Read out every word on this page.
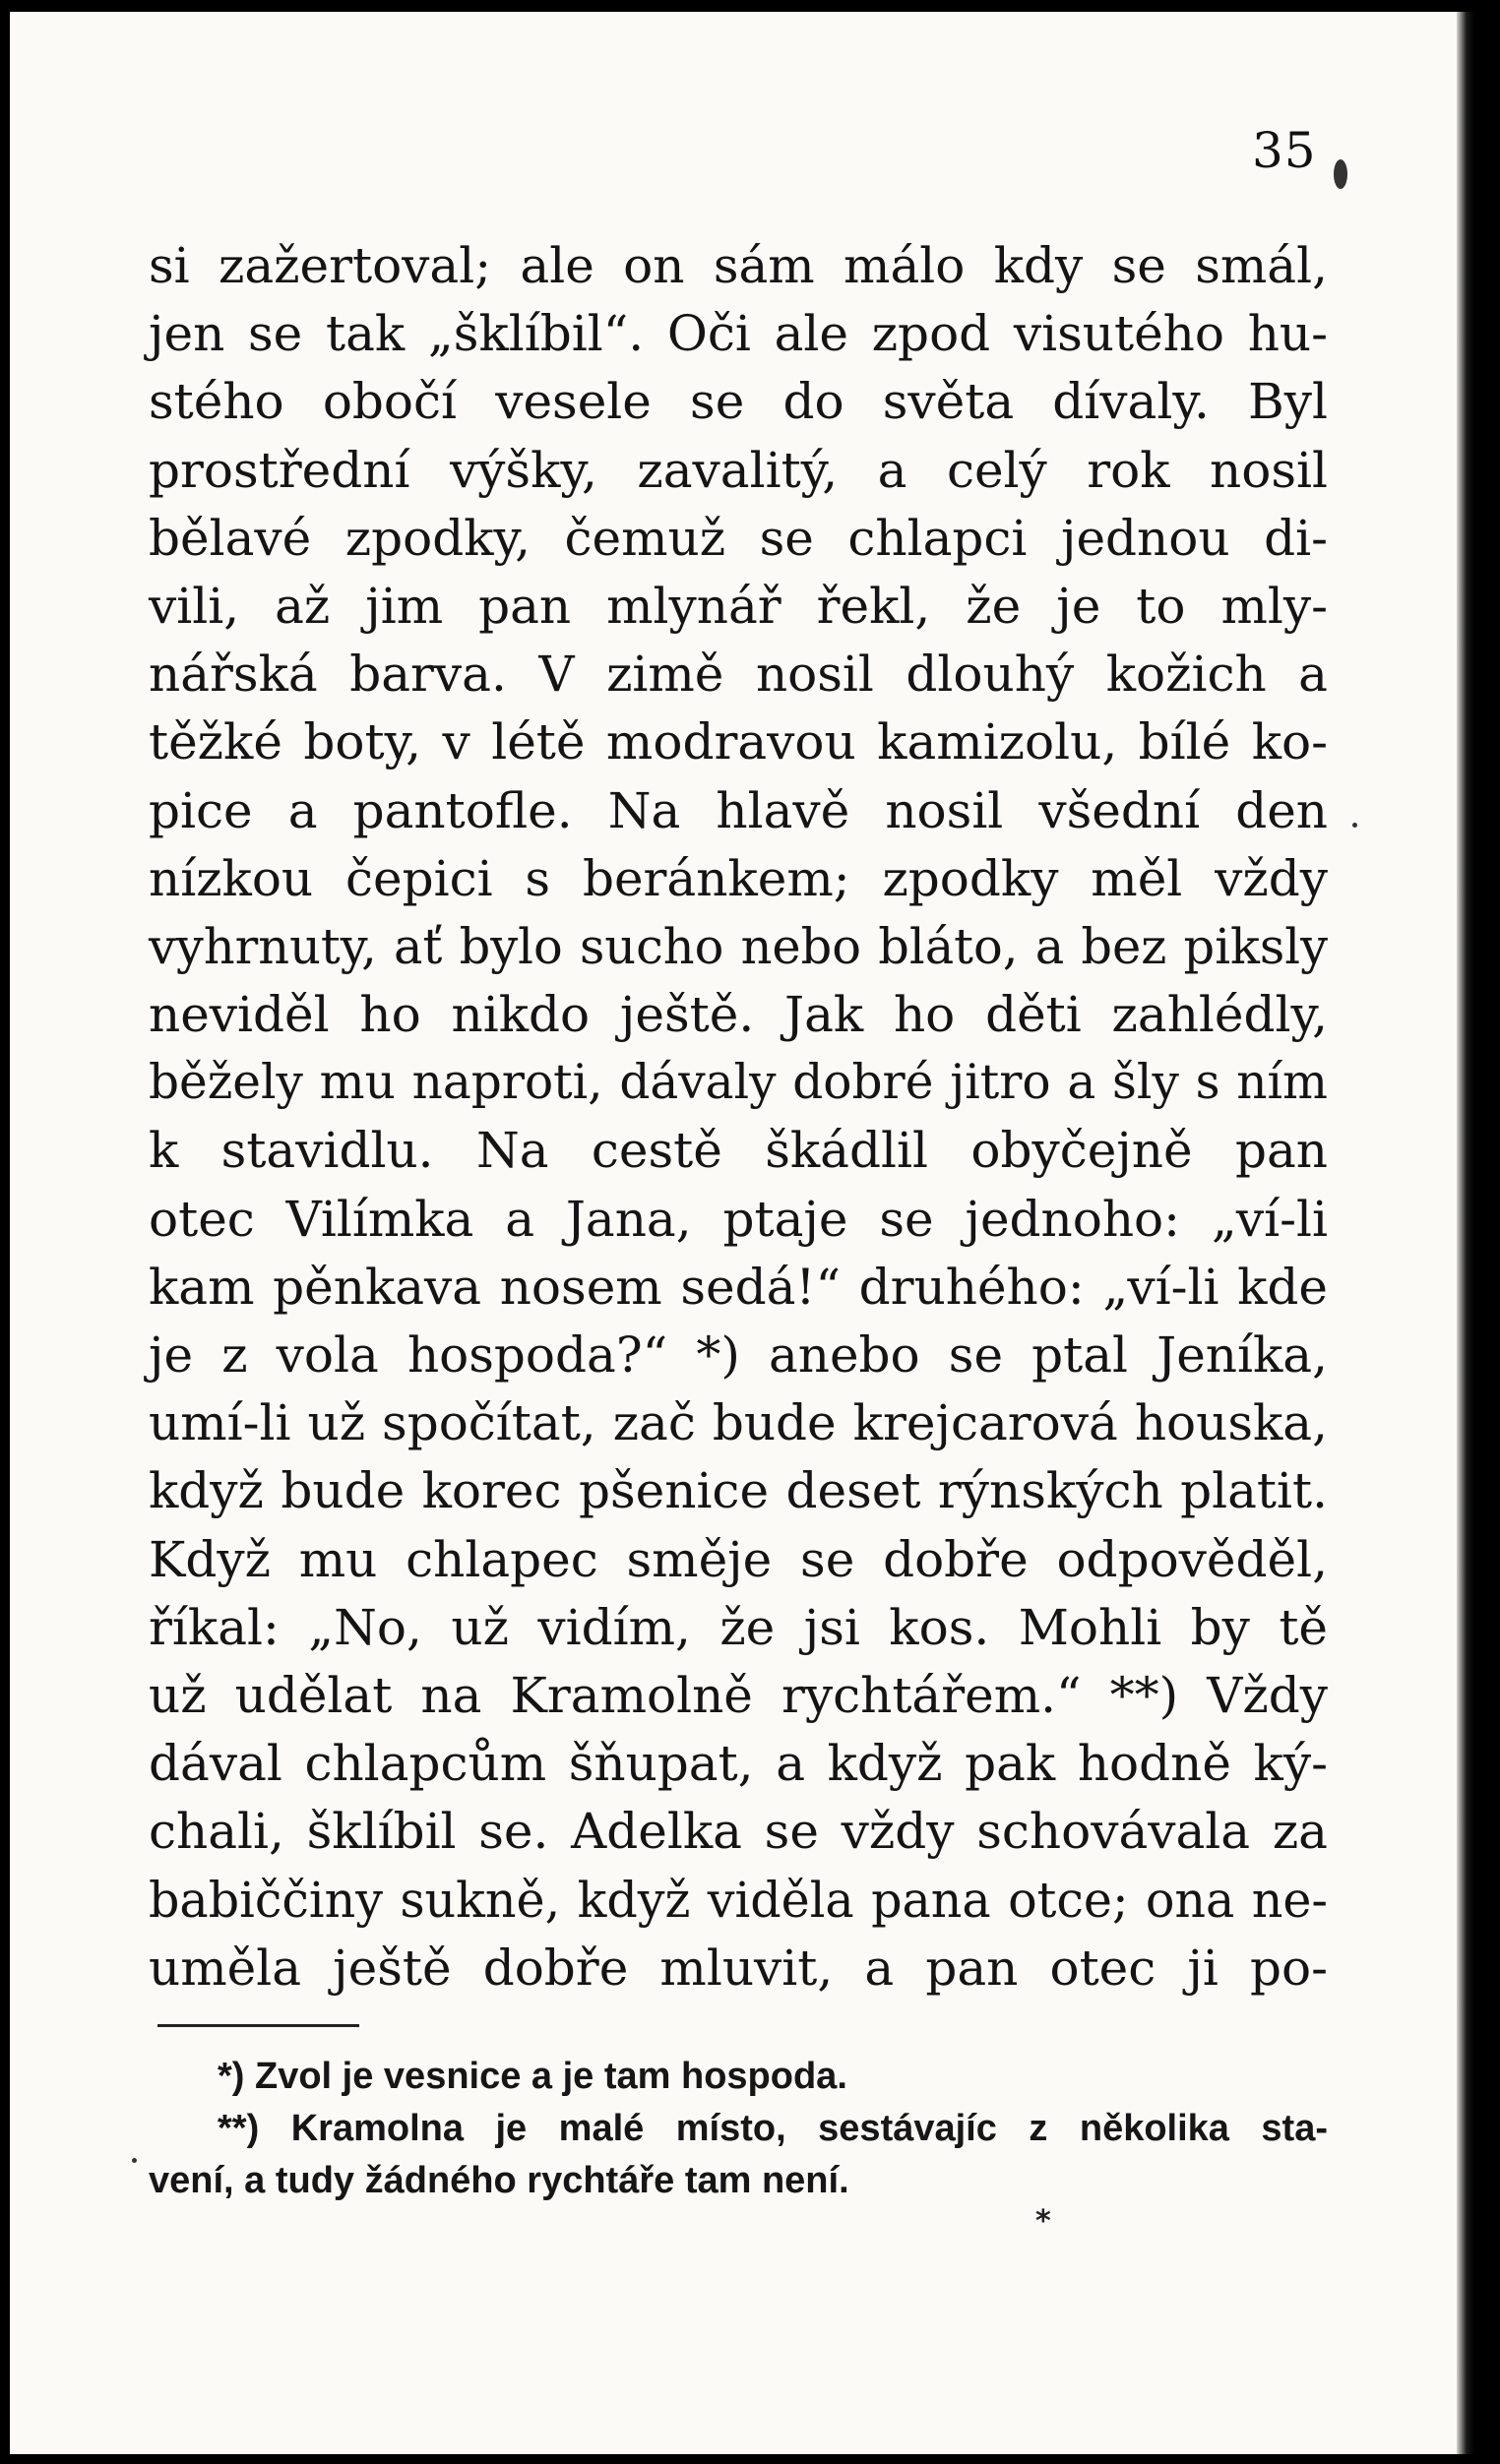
35
si zažertoval; ale on sám málo kdy se smál,
jen se tak „šklíbil“. Oči ale zpod visutého hu-
stého obočí vesele se do světa dívaly. Byl
prostřední výšky, zavalitý, a celý rok nosil
bělavé zpodky, čemuž se chlapci jednou di-
vili, až jim pan mlynář řekl, že je to mly-
nářská barva. V zimě nosil dlouhý kožich a
těžké boty, v létě modravou kamizolu, bílé ko-
pice a pantofle. Na hlavě nosil všední den
nízkou čepici s beránkem; zpodky měl vždy
vyhrnuty, ať bylo sucho nebo bláto, a bez piksly
neviděl ho nikdo ještě. Jak ho děti zahlédly,
běžely mu naproti, dávaly dobré jitro a šly s ním
k stavidlu. Na cestě škádlil obyčejně pan
otec Vilímka a Jana, ptaje se jednoho: „ví-li
kam pěnkava nosem sedá!“ druhého: „ví-li kde
je z vola hospoda?“ *) anebo se ptal Jeníka,
umí-li už spočítat, zač bude krejcarová houska,
když bude korec pšenice deset rýnských platit.
Když mu chlapec směje se dobře odpověděl,
říkal: „No, už vidím, že jsi kos. Mohli by tě
už udělat na Kramolně rychtářem.“ **) Vždy
dával chlapcům šňupat, a když pak hodně ký-
chali, šklíbil se. Adelka se vždy schovávala za
babiččiny sukně, když viděla pana otce; ona ne-
uměla ještě dobře mluvit, a pan otec ji po-
*) Zvol je vesnice a je tam hospoda.
**) Kramolna je malé místo, sestávajíc z několika sta-
vení, a tudy žádného rychtáře tam není.
*
